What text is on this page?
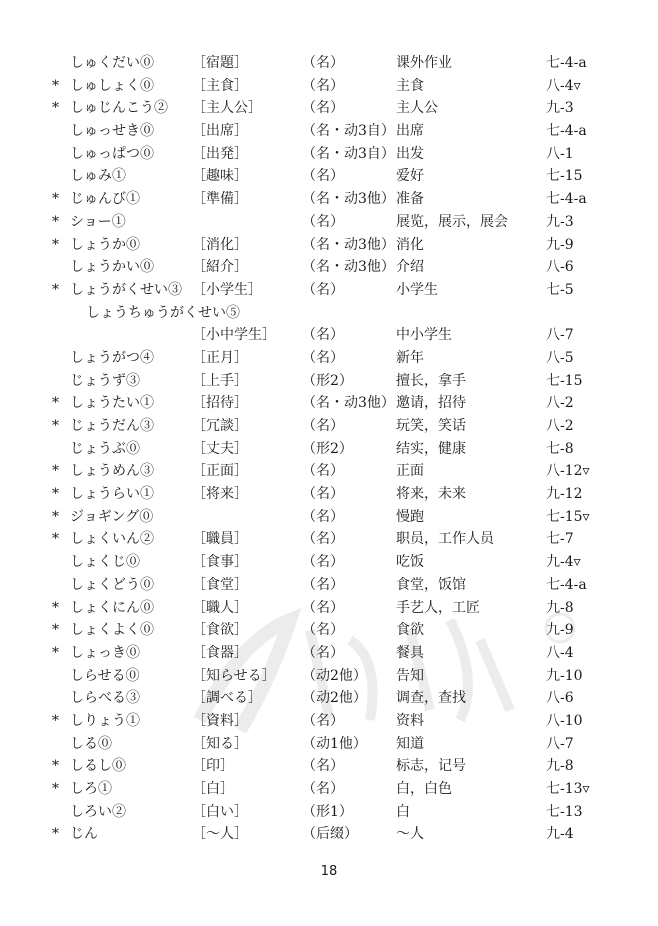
しゅくだい⓪	［宿題］	（名）	课外作业	七-4-a
* しゅしょく⓪	［主食］	（名）	主食	八-4▿
* しゅじんこう② ［主人公］	（名）	主人公	九-3
しゅっせき⓪	［出席］	（名・动3自） 出席	七-4-a
しゅっぱつ⓪	［出発］	（名・动3自） 出发	八-1
しゅみ①	［趣味］	（名）	爱好	七-15
* じゅんび①	［準備］	（名・动3他） 准备	七-4-a
* ショー①	（名）	展览，展示，展会	九-3
* しょうか⓪	［消化］	（名・动3他） 消化	九-9
しょうかい⓪	［紹介］	（名・动3他） 介绍	八-6
* しょうがくせい③ ［小学生］	（名）	小学生	七-5
しょうちゅうがくせい⑤
［小中学生］ （名）	中小学生	八-7
しょうがつ④	［正月］	（名）	新年	八-5
じょうず③	［上手］	（形2）	擅长，拿手	七-15
* しょうたい①	［招待］	（名・动3他） 邀请，招待	八-2
* じょうだん③	［冗談］	（名）	玩笑，笑话	八-2
じょうぶ⓪	［丈夫］	（形2）	结实，健康	七-8
* しょうめん③	［正面］	（名）	正面	八-12▿
* しょうらい①	［将来］	（名）	将来，未来	九-12
* ジョギング⓪	（名）	慢跑	七-15▿
* しょくいん②	［職員］	（名）	职员，工作人员	七-7
しょくじ⓪	［食事］	（名）	吃饭	九-4▿
しょくどう⓪	［食堂］	（名）	食堂，饭馆	七-4-a
* しょくにん⓪	［職人］	（名）	手艺人，工匠	九-8
* しょくよく⓪	［食欲］	（名）	食欲	九-9
* しょっき⓪	［食器］	（名）	餐具	八-4
しらせる⓪	［知らせる］ （动2他） 告知	九-10
しらべる③	［調べる］	（动2他） 调查，查找	八-6
* しりょう①	［資料］	（名）	资料	八-10
しる⓪	［知る］	（动1他） 知道	八-7
* しるし⓪	［印］	（名）	标志，记号	九-8
* しろ①	［白］	（名）	白，白色	七-13▿
しろい②	［白い］	（形1）	白	七-13
* じん	［～人］	（后缀）	～人	九-4
18
